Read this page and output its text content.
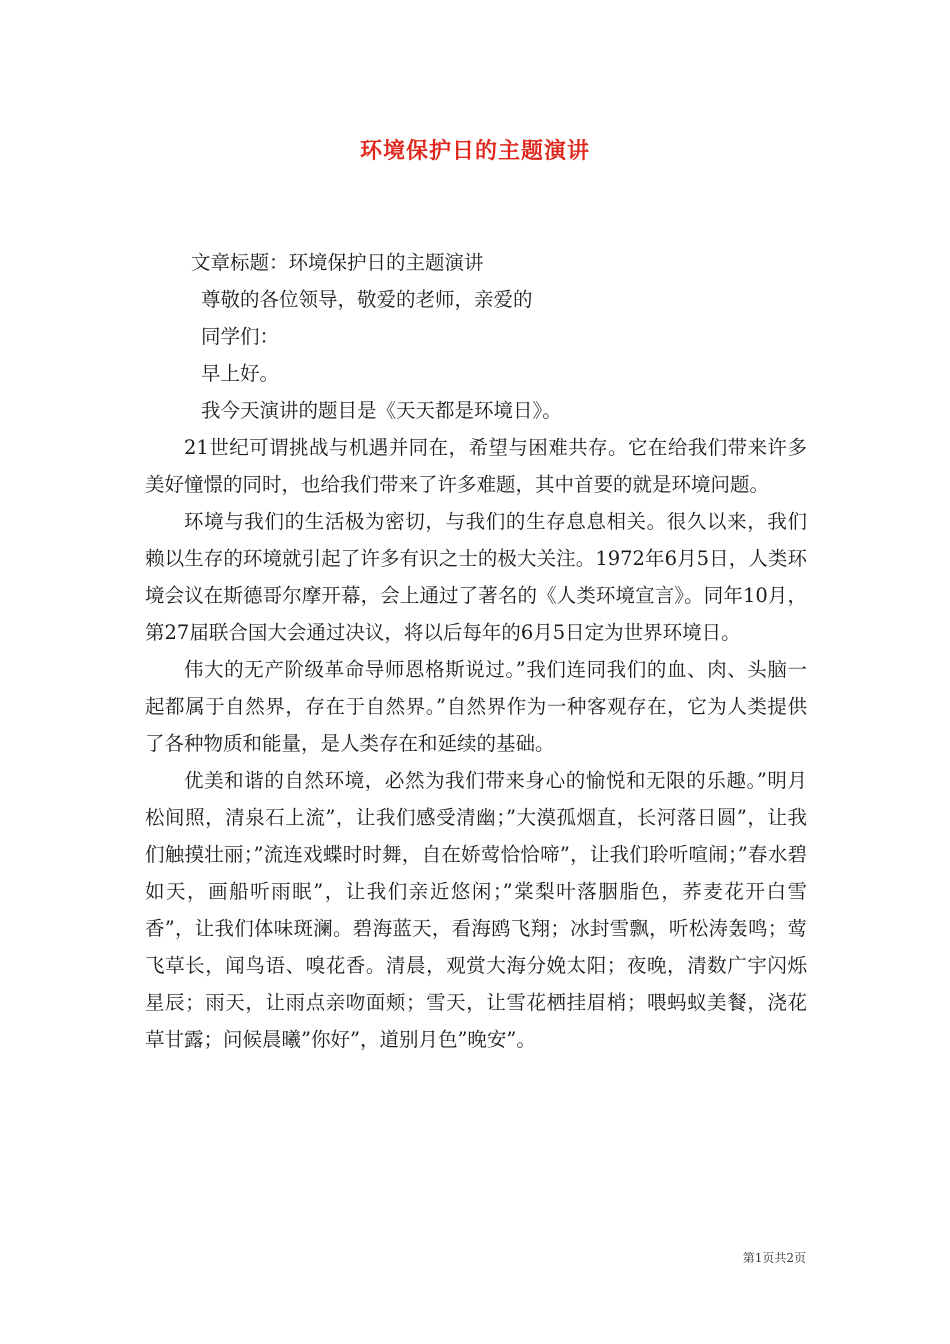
环境保护日的主题演讲

文章标题：环境保护日的主题演讲

尊敬的各位领导，敬爱的老师，亲爱的

同学们：

早上好。

我今天演讲的题目是《天天都是环境日》。

21世纪可谓挑战与机遇并同在，希望与困难共存。它在给我们带来许多美好憧憬的同时，也给我们带来了许多难题，其中首要的就是环境问题。

环境与我们的生活极为密切，与我们的生存息息相关。很久以来，我们赖以生存的环境就引起了许多有识之士的极大关注。1972年6月5日，人类环境会议在斯德哥尔摩开幕，会上通过了著名的《人类环境宣言》。同年10月，第27届联合国大会通过决议，将以后每年的6月5日定为世界环境日。

伟大的无产阶级革命导师恩格斯说过。”我们连同我们的血、肉、头脑一起都属于自然界，存在于自然界。”自然界作为一种客观存在，它为人类提供了各种物质和能量，是人类存在和延续的基础。

优美和谐的自然环境，必然为我们带来身心的愉悦和无限的乐趣。”明月松间照，清泉石上流”，让我们感受清幽；”大漠孤烟直，长河落日圆”，让我们触摸壮丽；”流连戏蝶时时舞，自在娇莺恰恰啼”，让我们聆听喧闹；”春水碧如天，画船听雨眠”，让我们亲近悠闲；”棠梨叶落胭脂色，荞麦花开白雪香”，让我们体味斑澜。碧海蓝天，看海鸥飞翔；冰封雪飘，听松涛轰鸣；莺飞草长，闻鸟语、嗅花香。清晨，观赏大海分娩太阳；夜晚，清数广宇闪烁星辰；雨天，让雨点亲吻面颊；雪天，让雪花栖挂眉梢；喂蚂蚁美餐，浇花草甘露；问候晨曦”你好”，道别月色”晚安”。

第1页共2页
